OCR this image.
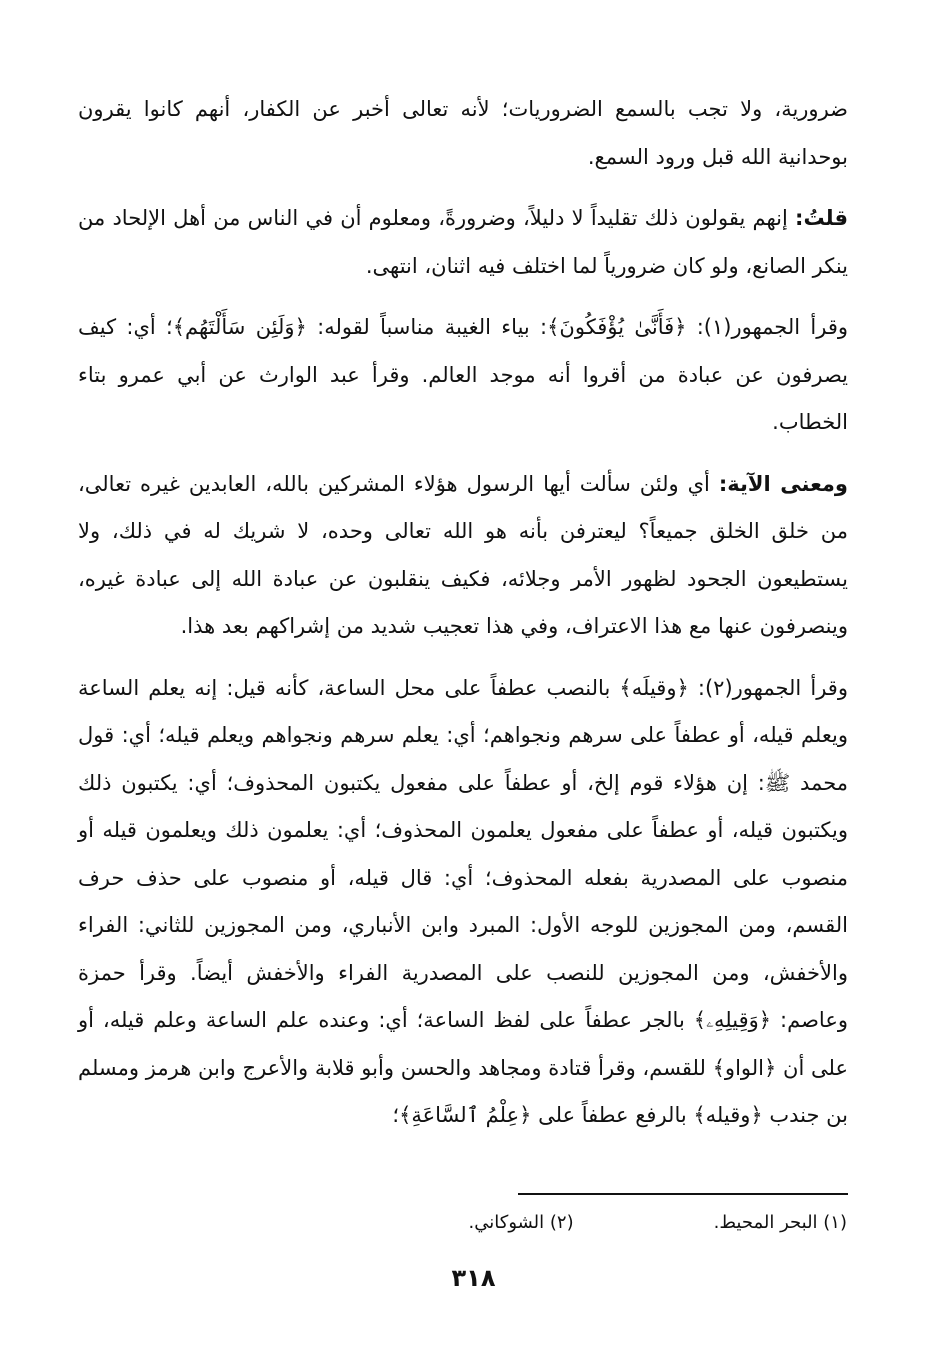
ضرورية، ولا تجب بالسمع الضروريات؛ لأنه تعالى أخبر عن الكفار، أنهم كانوا يقرون بوحدانية الله قبل ورود السمع.

قلتُ: إنهم يقولون ذلك تقليداً لا دليلاً، وضرورةً، ومعلوم أن في الناس من أهل الإلحاد من ينكر الصانع، ولو كان ضرورياً لما اختلف فيه اثنان، انتهى.

وقرأ الجمهور(١): ﴿فَأَنَّىٰ يُؤْفَكُونَ﴾: بياء الغيبة مناسباً لقوله: ﴿وَلَئِن سَأَلْتَهُم﴾؛ أي: كيف يصرفون عن عبادة من أقروا أنه موجد العالم. وقرأ عبد الوارث عن أبي عمرو بتاء الخطاب.

ومعنى الآية: أي ولئن سألت أيها الرسول هؤلاء المشركين بالله، العابدين غيره تعالى، من خلق الخلق جميعاً؟ ليعترفن بأنه هو الله تعالى وحده، لا شريك له في ذلك، ولا يستطيعون الجحود لظهور الأمر وجلائه، فكيف ينقلبون عن عبادة الله إلى عبادة غيره، وينصرفون عنها مع هذا الاعتراف، وفي هذا تعجيب شديد من إشراكهم بعد هذا.

وقرأ الجمهور(٢): ﴿وقيلَه﴾ بالنصب عطفاً على محل الساعة، كأنه قيل: إنه يعلم الساعة ويعلم قيله، أو عطفاً على سرهم ونجواهم؛ أي: يعلم سرهم ونجواهم ويعلم قيله؛ أي: قول محمد ﷺ: إن هؤلاء قوم إلخ، أو عطفاً على مفعول يكتبون المحذوف؛ أي: يكتبون ذلك ويكتبون قيله، أو عطفاً على مفعول يعلمون المحذوف؛ أي: يعلمون ذلك ويعلمون قيله أو منصوب على المصدرية بفعله المحذوف؛ أي: قال قيله، أو منصوب على حذف حرف القسم، ومن المجوزين للوجه الأول: المبرد وابن الأنباري، ومن المجوزين للثاني: الفراء والأخفش، ومن المجوزين للنصب على المصدرية الفراء والأخفش أيضاً. وقرأ حمزة وعاصم: ﴿وَقِيلِهِۦ﴾ بالجر عطفاً على لفظ الساعة؛ أي: وعنده علم الساعة وعلم قيله، أو على أن ﴿الواو﴾ للقسم، وقرأ قتادة ومجاهد والحسن وأبو قلابة والأعرج وابن هرمز ومسلم بن جندب ﴿وقيله﴾ بالرفع عطفاً على ﴿عِلْمُ ٱلسَّاعَةِ﴾؛

(١) البحر المحيط.
(٢) الشوكاني.
٣١٨
